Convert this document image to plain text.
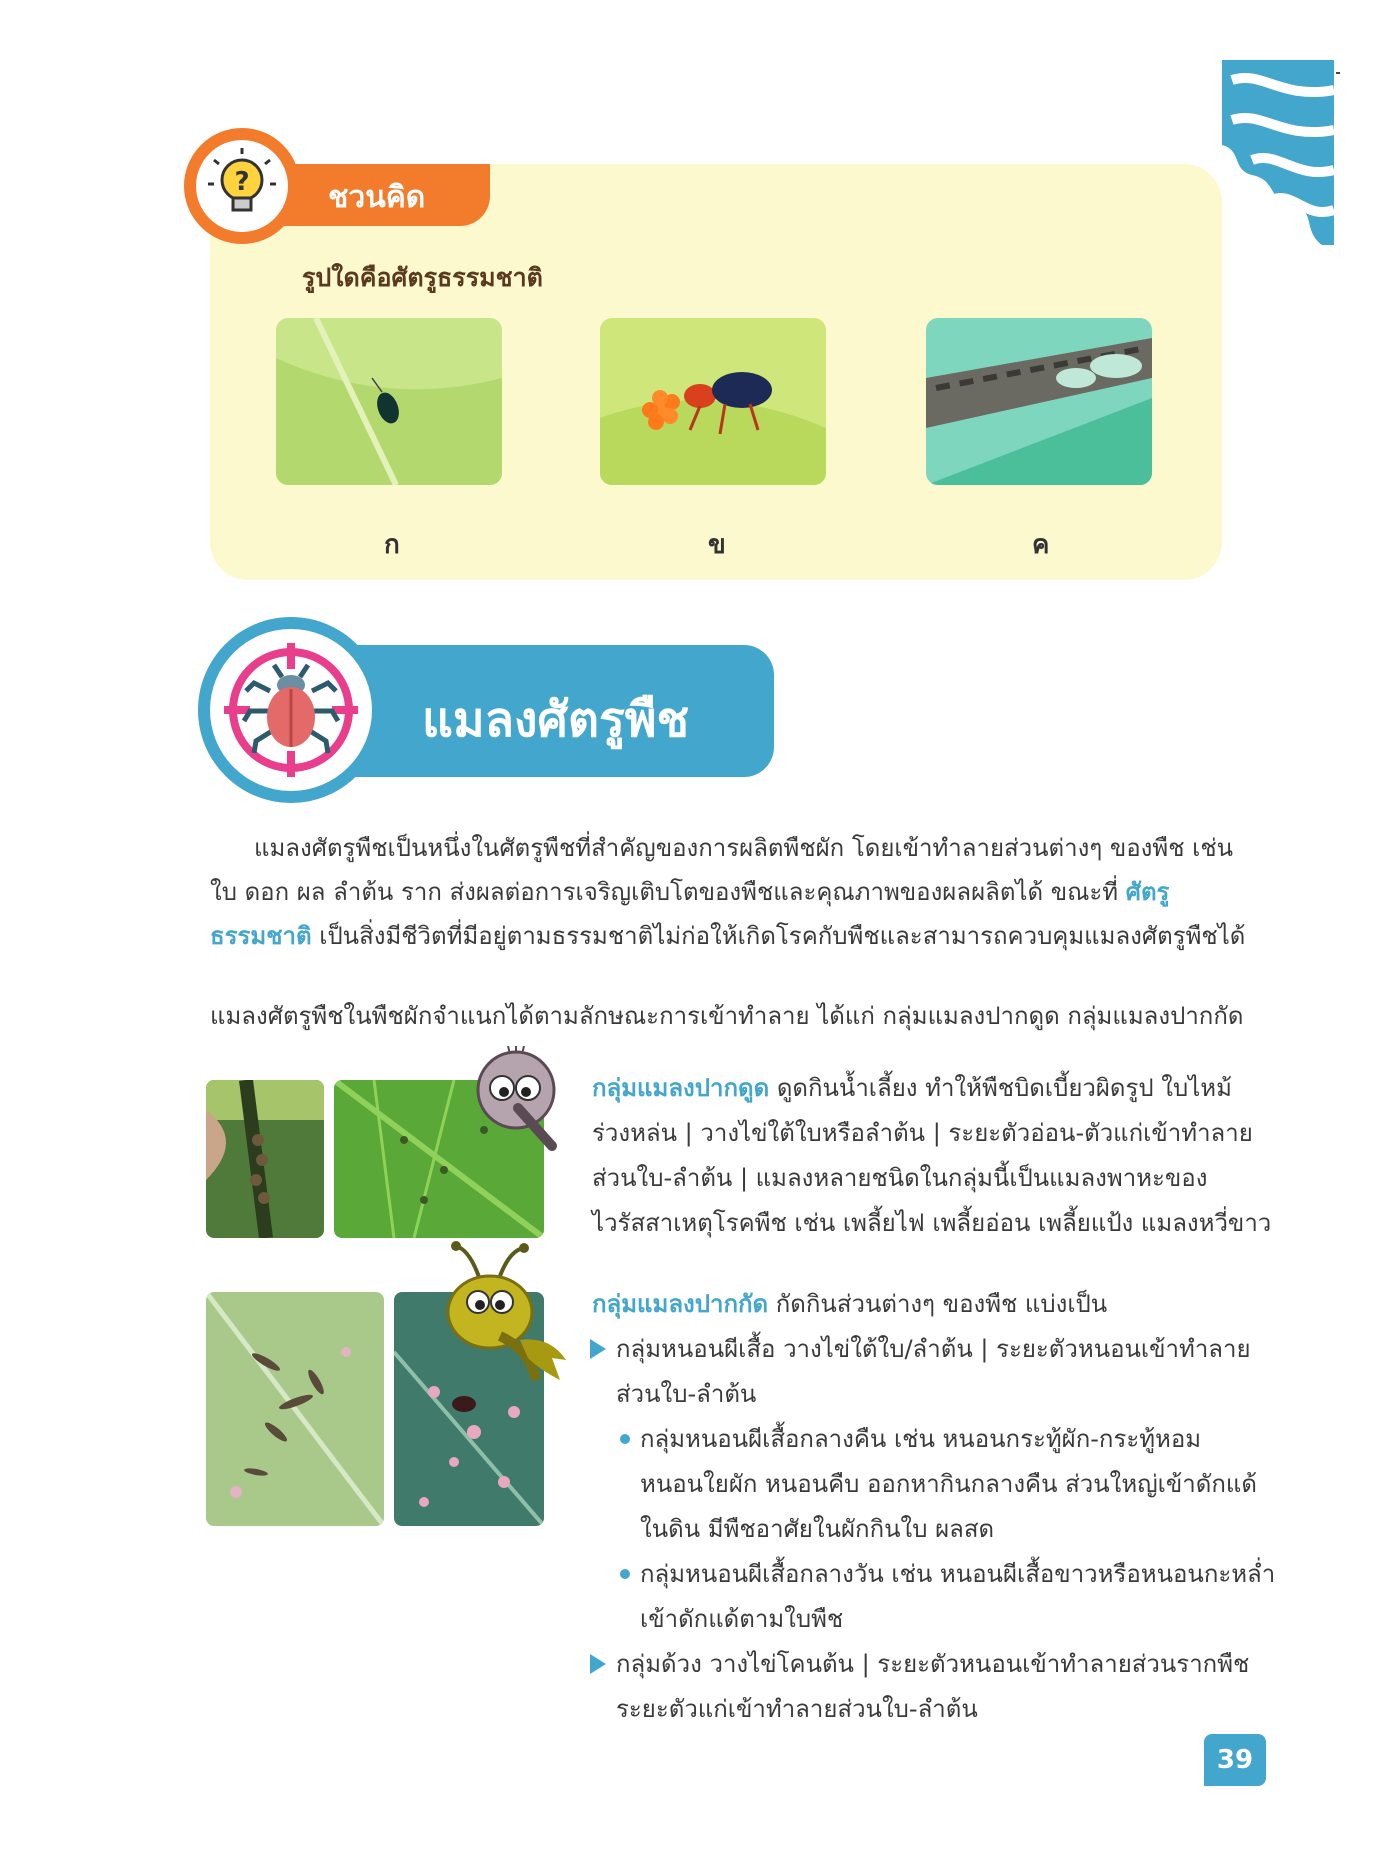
ชวนคิด
?
รูปใดคือศัตรูธรรมชาติ
ก	ข	ค
แมลงศัตรูพืช
แมลงศัตรูพืชเป็นหนึ่งในศัตรูพืชที่สำคัญของการผลิตพืชผัก โดยเข้าทำลายส่วนต่างๆ ของพืช เช่น
ใบ ดอก ผล ลำต้น ราก ส่งผลต่อการเจริญเติบโตของพืชและคุณภาพของผลผลิตได้ ขณะที่ ศัตรู
ธรรมชาติ เป็นสิ่งมีชีวิตที่มีอยู่ตามธรรมชาติไม่ก่อให้เกิดโรคกับพืชและสามารถควบคุมแมลงศัตรูพืชได้
แมลงศัตรูพืชในพืชผักจำแนกได้ตามลักษณะการเข้าทำลาย ได้แก่ กลุ่มแมลงปากดูด กลุ่มแมลงปากกัด
กลุ่มแมลงปากดูด ดูดกินน้ำเลี้ยง ทำให้พืชบิดเบี้ยวผิดรูป ใบไหม้
ร่วงหล่น | วางไข่ใต้ใบหรือลำต้น | ระยะตัวอ่อน-ตัวแก่เข้าทำลาย
ส่วนใบ-ลำต้น | แมลงหลายชนิดในกลุ่มนี้เป็นแมลงพาหะของ
ไวรัสสาเหตุโรคพืช เช่น เพลี้ยไฟ เพลี้ยอ่อน เพลี้ยแป้ง แมลงหวี่ขาว
กลุ่มแมลงปากกัด กัดกินส่วนต่างๆ ของพืช แบ่งเป็น
กลุ่มหนอนผีเสื้อ วางไข่ใต้ใบ/ลำต้น | ระยะตัวหนอนเข้าทำลาย
ส่วนใบ-ลำต้น
กลุ่มหนอนผีเสื้อกลางคืน เช่น หนอนกระทู้ผัก-กระทู้หอม
หนอนใยผัก หนอนคืบ ออกหากินกลางคืน ส่วนใหญ่เข้าดักแด้
ในดิน มีพืชอาศัยในผักกินใบ ผลสด
กลุ่มหนอนผีเสื้อกลางวัน เช่น หนอนผีเสื้อขาวหรือหนอนกะหล่ำ
เข้าดักแด้ตามใบพืช
กลุ่มด้วง วางไข่โคนต้น | ระยะตัวหนอนเข้าทำลายส่วนรากพืช
ระยะตัวแก่เข้าทำลายส่วนใบ-ลำต้น
39
